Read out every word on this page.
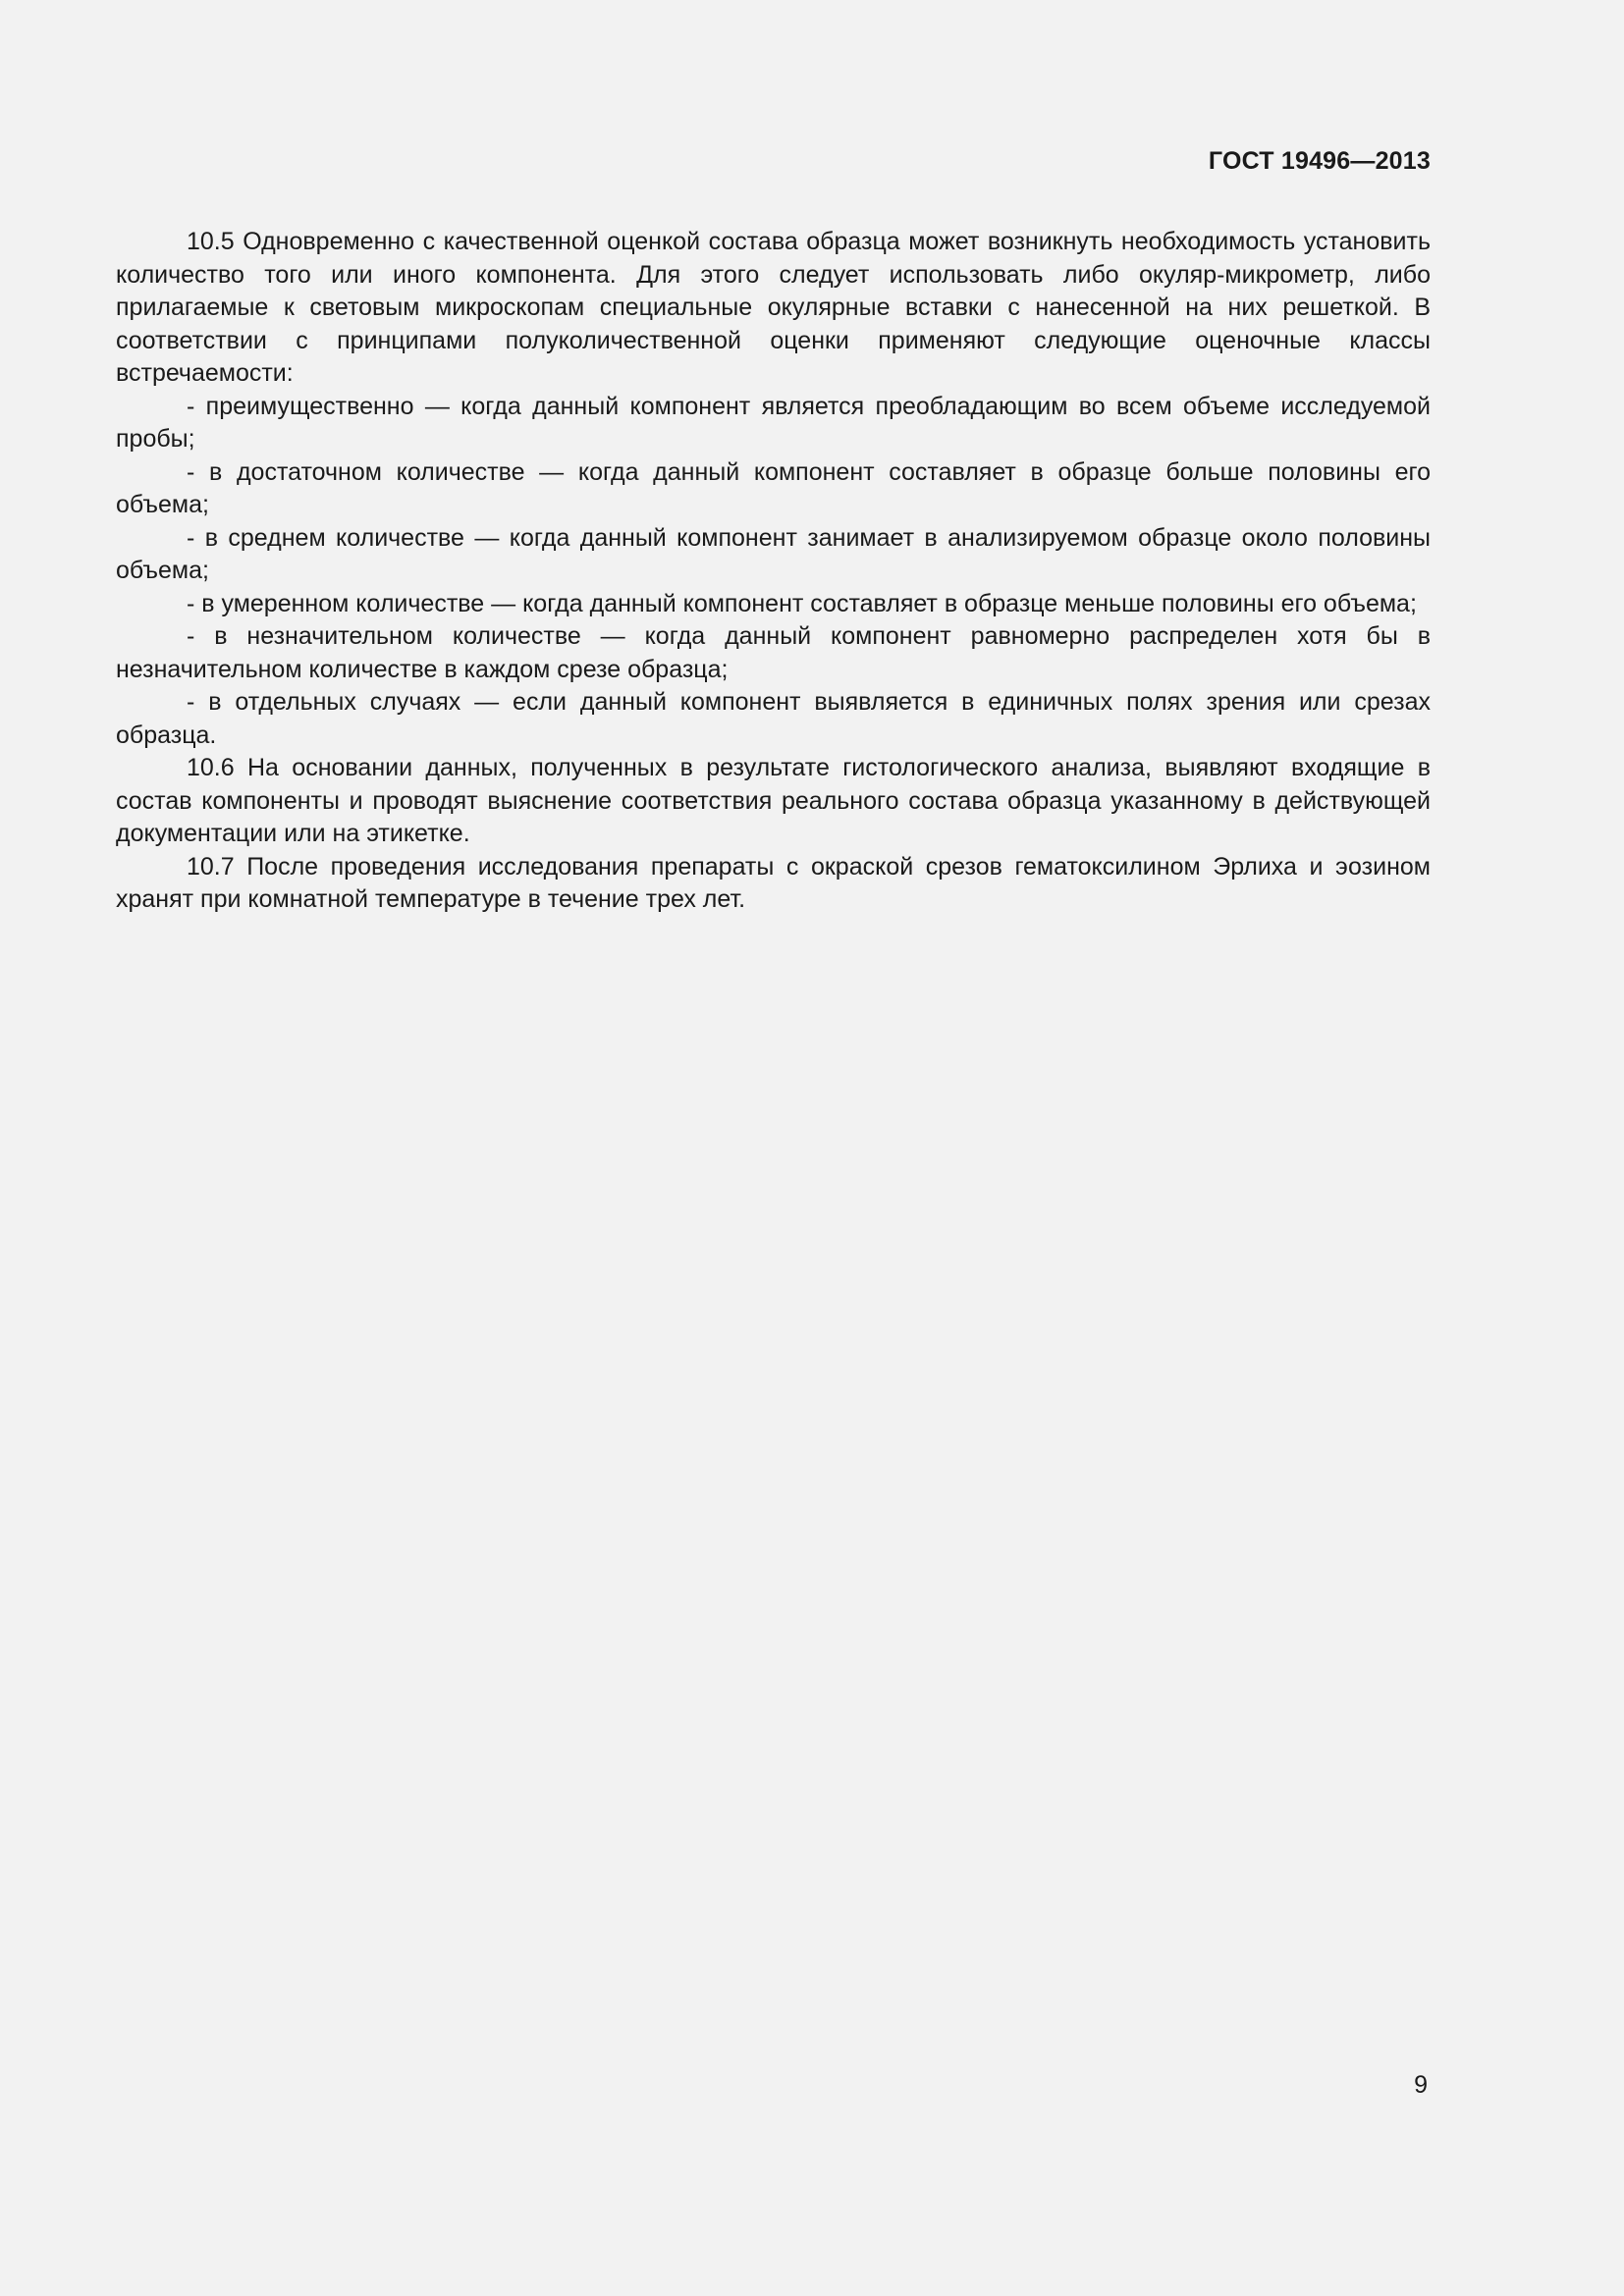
ГОСТ 19496—2013

10.5 Одновременно с качественной оценкой состава образца может возникнуть необходимость установить количество того или иного компонента. Для этого следует использовать либо окуляр-микрометр, либо прилагаемые к световым микроскопам специальные окулярные вставки с нанесенной на них решеткой. В соответствии с принципами полуколичественной оценки применяют следующие оценочные классы встречаемости:

- преимущественно — когда данный компонент является преобладающим во всем объеме исследуемой пробы;

- в достаточном количестве — когда данный компонент составляет в образце больше половины его объема;

- в среднем количестве — когда данный компонент занимает в анализируемом образце около половины объема;

- в умеренном количестве — когда данный компонент составляет в образце меньше половины его объема;

- в незначительном количестве — когда данный компонент равномерно распределен хотя бы в незначительном количестве в каждом срезе образца;

- в отдельных случаях — если данный компонент выявляется в единичных полях зрения или срезах образца.

10.6 На основании данных, полученных в результате гистологического анализа, выявляют входящие в состав компоненты и проводят выяснение соответствия реального состава образца указанному в действующей документации или на этикетке.

10.7 После проведения исследования препараты с окраской срезов гематоксилином Эрлиха и эозином хранят при комнатной температуре в течение трех лет.

9
